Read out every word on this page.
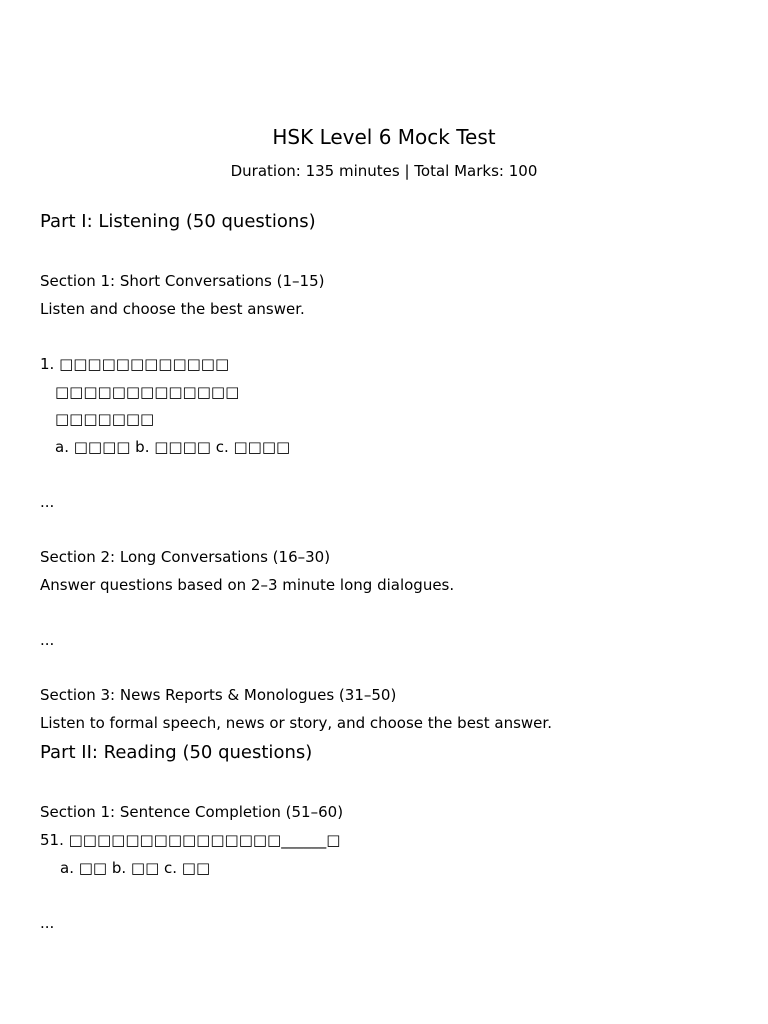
HSK Level 6 Mock Test
Duration: 135 minutes | Total Marks: 100
Part I: Listening (50 questions)
Section 1: Short Conversations (1–15)
Listen and choose the best answer.
1. □□□□□□□□□□□□
□□□□□□□□□□□□□
□□□□□□□
a. □□□□ b. □□□□ c. □□□□
...
Section 2: Long Conversations (16–30)
Answer questions based on 2–3 minute long dialogues.
...
Section 3: News Reports & Monologues (31–50)
Listen to formal speech, news or story, and choose the best answer.
Part II: Reading (50 questions)
Section 1: Sentence Completion (51–60)
51. □□□□□□□□□□□□□□□______□
a. □□ b. □□ c. □□
...
